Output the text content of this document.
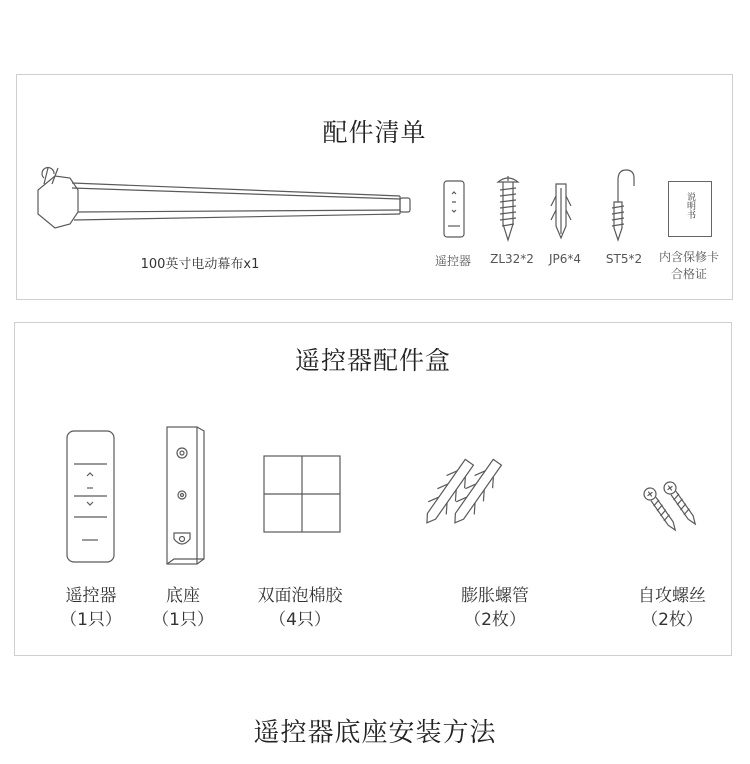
配件清单
100英寸电动幕布x1	遥控器	ZL32*2	JP6*4	ST5*2
说明书
内含保修卡
合格证
遥控器配件盒
遥控器
（1只）
底座
（1只）
双面泡棉胶
（4只）
膨胀螺管
（2枚）
自攻螺丝
（2枚）
遥控器底座安装方法
